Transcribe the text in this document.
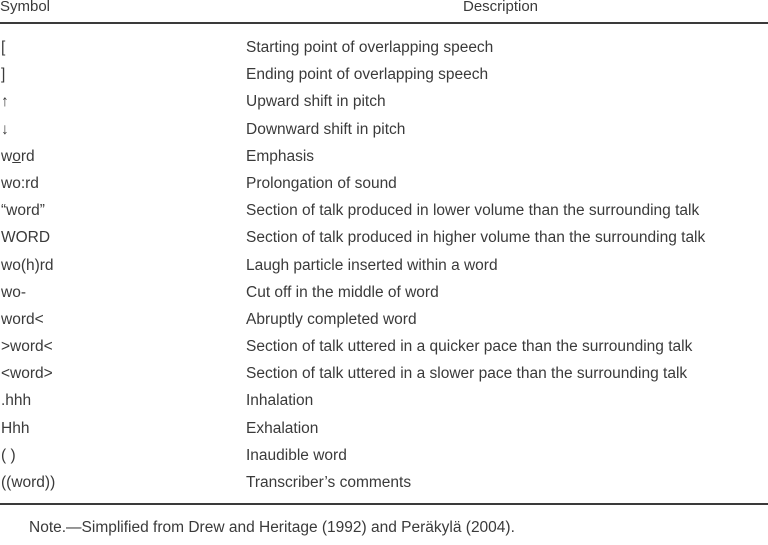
Symbol	Description
[	Starting point of overlapping speech
]	Ending point of overlapping speech
↑	Upward shift in pitch
↓	Downward shift in pitch
word	Emphasis
wo:rd	Prolongation of sound
“word”	Section of talk produced in lower volume than the surrounding talk
WORD	Section of talk produced in higher volume than the surrounding talk
wo(h)rd	Laugh particle inserted within a word
wo-	Cut off in the middle of word
word<	Abruptly completed word
>word<	Section of talk uttered in a quicker pace than the surrounding talk
<word>	Section of talk uttered in a slower pace than the surrounding talk
.hhh	Inhalation
Hhh	Exhalation
( )	Inaudible word
((word))	Transcriber’s comments
Note.—Simplified from Drew and Heritage (1992) and Peräkylä (2004).
